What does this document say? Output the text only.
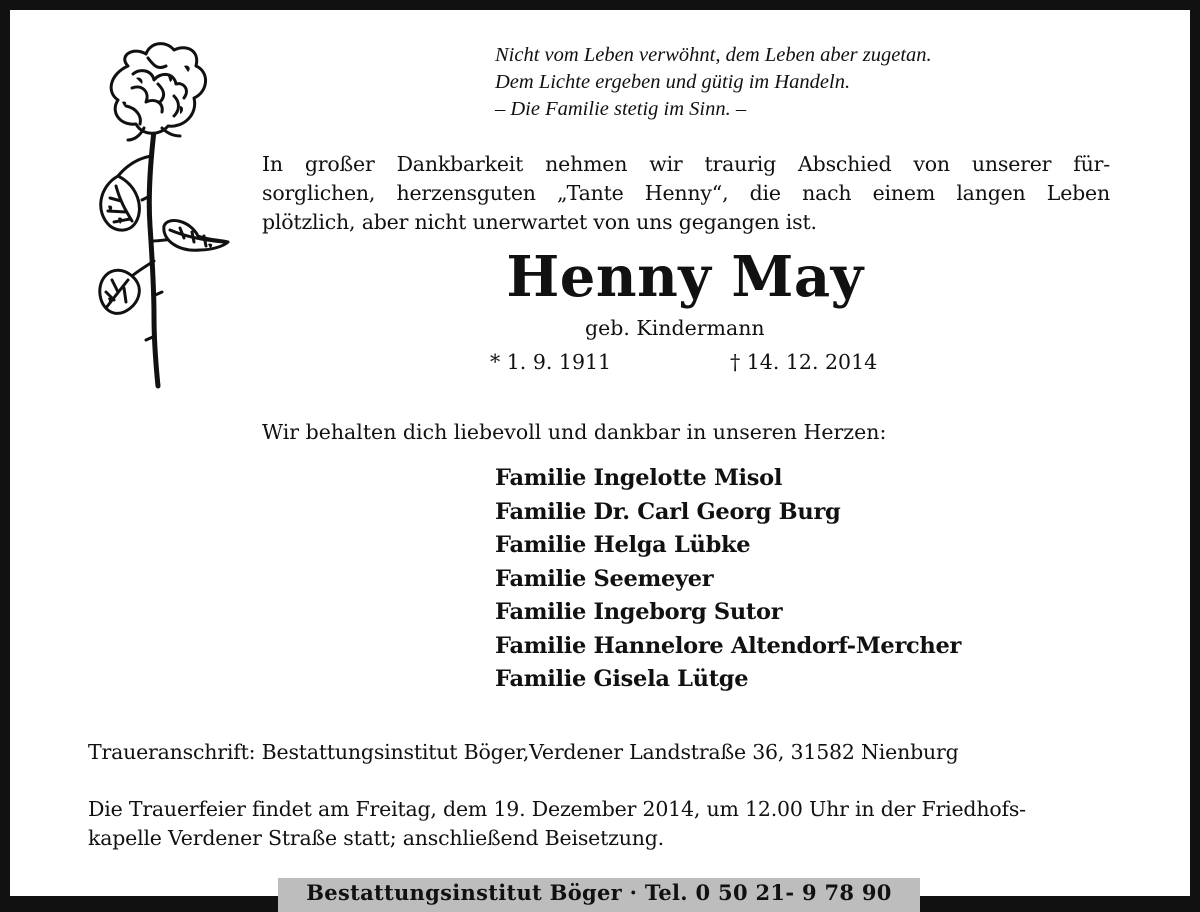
Nicht vom Leben verwöhnt, dem Leben aber zugetan.
Dem Lichte ergeben und gütig im Handeln.
– Die Familie stetig im Sinn. –
In großer Dankbarkeit nehmen wir traurig Abschied von unserer für-
sorglichen, herzensguten „Tante Henny“, die nach einem langen Leben
plötzlich, aber nicht unerwartet von uns gegangen ist.
Henny May
geb. Kindermann
* 1. 9. 1911	† 14. 12. 2014
Wir behalten dich liebevoll und dankbar in unseren Herzen:
Familie Ingelotte Misol
Familie Dr. Carl Georg Burg
Familie Helga Lübke
Familie Seemeyer
Familie Ingeborg Sutor
Familie Hannelore Altendorf-Mercher
Familie Gisela Lütge
Traueranschrift: Bestattungsinstitut Böger,Verdener Landstraße 36, 31582 Nienburg
Die Trauerfeier findet am Freitag, dem 19. Dezember 2014, um 12.00 Uhr in der Friedhofs-
kapelle Verdener Straße statt; anschließend Beisetzung.
Bestattungsinstitut Böger · Tel. 0 50 21- 9 78 90
